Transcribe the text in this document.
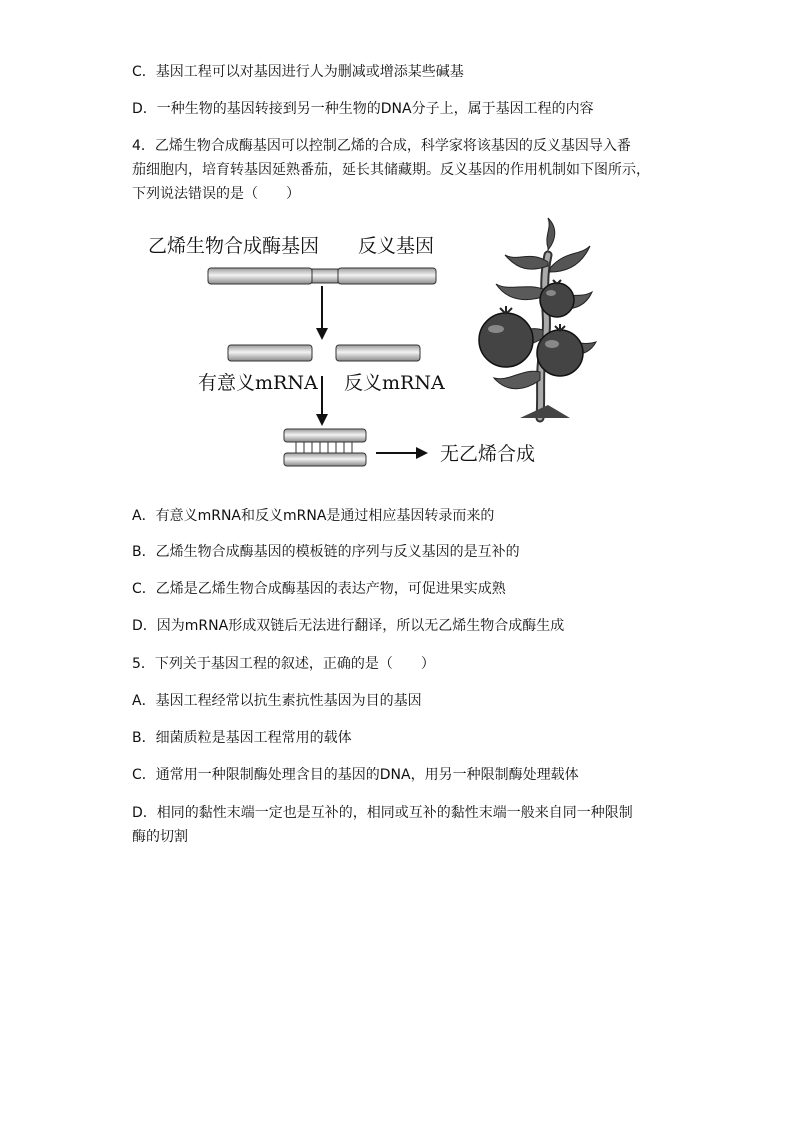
C．基因工程可以对基因进行人为删减或增添某些碱基
D．一种生物的基因转接到另一种生物的DNA分子上，属于基因工程的内容
4．乙烯生物合成酶基因可以控制乙烯的合成，科学家将该基因的反义基因导入番
茄细胞内，培育转基因延熟番茄，延长其储藏期。反义基因的作用机制如下图所示，
下列说法错误的是（　　）
乙烯生物合成酶基因 反义基因
有意义mRNA 反义mRNA
无乙烯合成
A．有意义mRNA和反义mRNA是通过相应基因转录而来的
B．乙烯生物合成酶基因的模板链的序列与反义基因的是互补的
C．乙烯是乙烯生物合成酶基因的表达产物，可促进果实成熟
D．因为mRNA形成双链后无法进行翻译，所以无乙烯生物合成酶生成
5．下列关于基因工程的叙述，正确的是（　　）
A．基因工程经常以抗生素抗性基因为目的基因
B．细菌质粒是基因工程常用的载体
C．通常用一种限制酶处理含目的基因的DNA，用另一种限制酶处理载体
D．相同的黏性末端一定也是互补的，相同或互补的黏性末端一般来自同一种限制
酶的切割
